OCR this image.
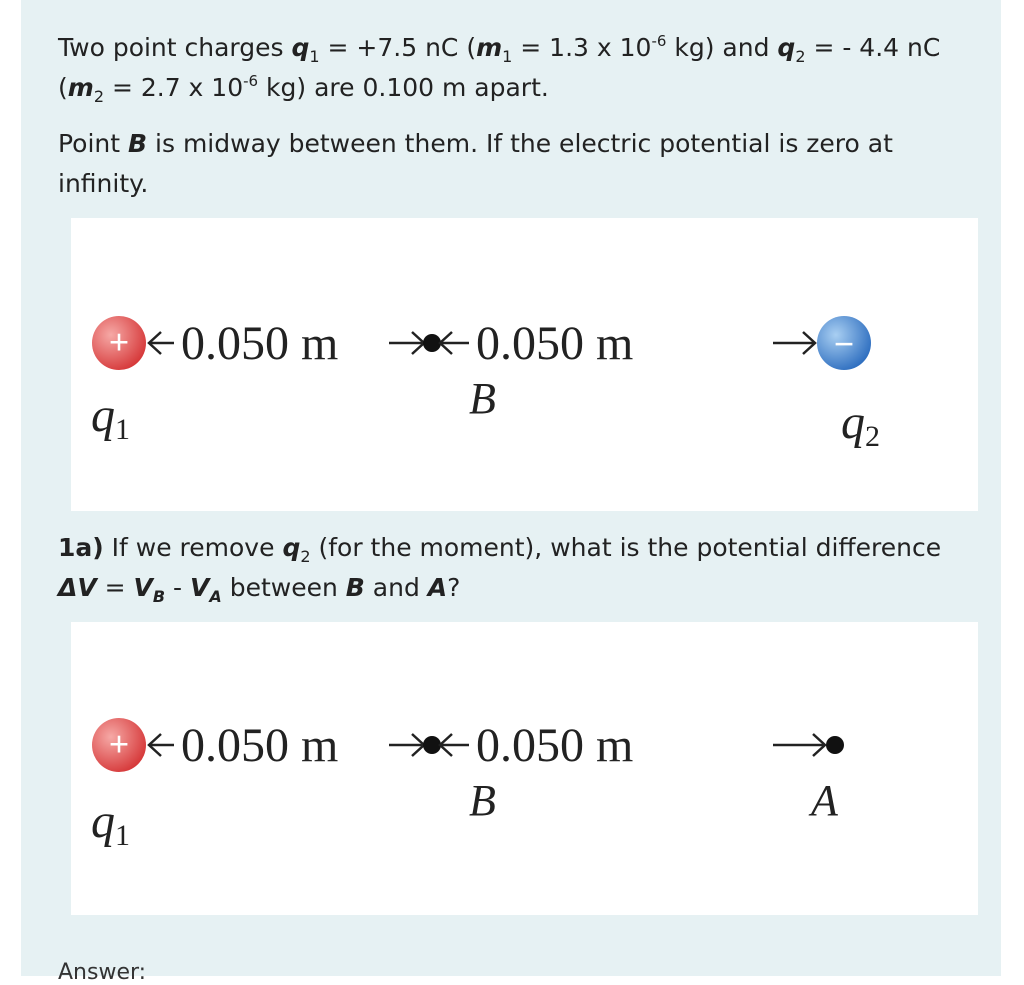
Two point charges $q_1 = +7.5$ nC ($m_1 = 1.3$ x $10^{-6}$ kg) and $q_2$ = - 4.4 nC ($m_2 = 2.7$ x $10^{-6}$ kg) are 0.100 m apart.
Point B is midway between them. If the electric potential is zero at infinity.
+ 0.050 m	0.050 m	−
B
q1	q2
1a) If we remove $q_2$ (for the moment), what is the potential difference $\Delta V = V_B - V_A$ between B and A?
+ 0.050 m	0.050 m
B	A
q1
Answer:
